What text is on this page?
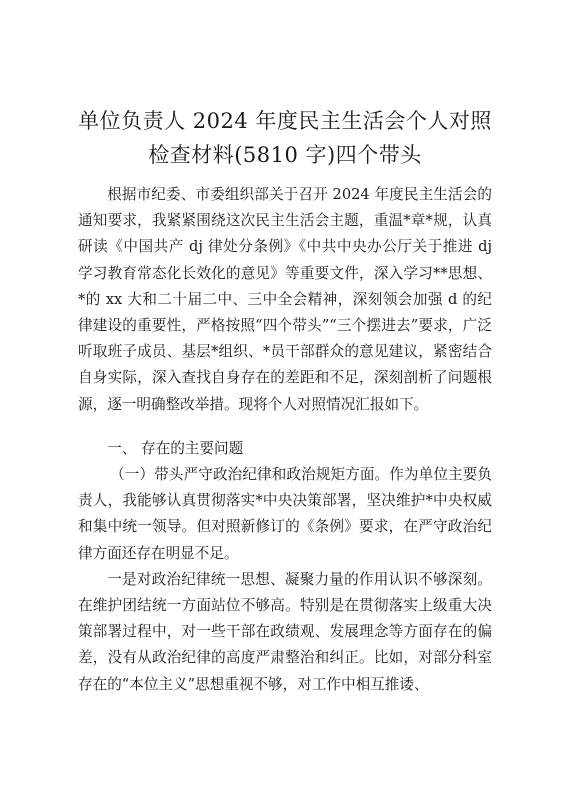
单位负责人 2024 年度民主生活会个人对照
检查材料(5810 字)四个带头

根据市纪委、市委组织部关于召开 2024 年度民主生活会的通知要求，我紧紧围绕这次民主生活会主题，重温*章*规，认真研读《中国共产 dj 律处分条例》《中共中央办公厅关于推进 dj 学习教育常态化长效化的意见》等重要文件，深入学习**思想、*的 xx 大和二十届二中、三中全会精神，深刻领会加强 d 的纪律建设的重要性，严格按照“四个带头”“三个摆进去”要求，广泛听取班子成员、基层*组织、*员干部群众的意见建议，紧密结合自身实际，深入查找自身存在的差距和不足，深刻剖析了问题根源，逐一明确整改举措。现将个人对照情况汇报如下。

一、 存在的主要问题

（一）带头严守政治纪律和政治规矩方面。作为单位主要负责人，我能够认真贯彻落实*中央决策部署，坚决维护*中央权威和集中统一领导。但对照新修订的《条例》要求，在严守政治纪律方面还存在明显不足。

一是对政治纪律统一思想、凝聚力量的作用认识不够深刻。在维护团结统一方面站位不够高。特别是在贯彻落实上级重大决策部署过程中，对一些干部在政绩观、发展理念等方面存在的偏差，没有从政治纪律的高度严肃整治和纠正。比如，对部分科室存在的“本位主义”思想重视不够，对工作中相互推诿、
